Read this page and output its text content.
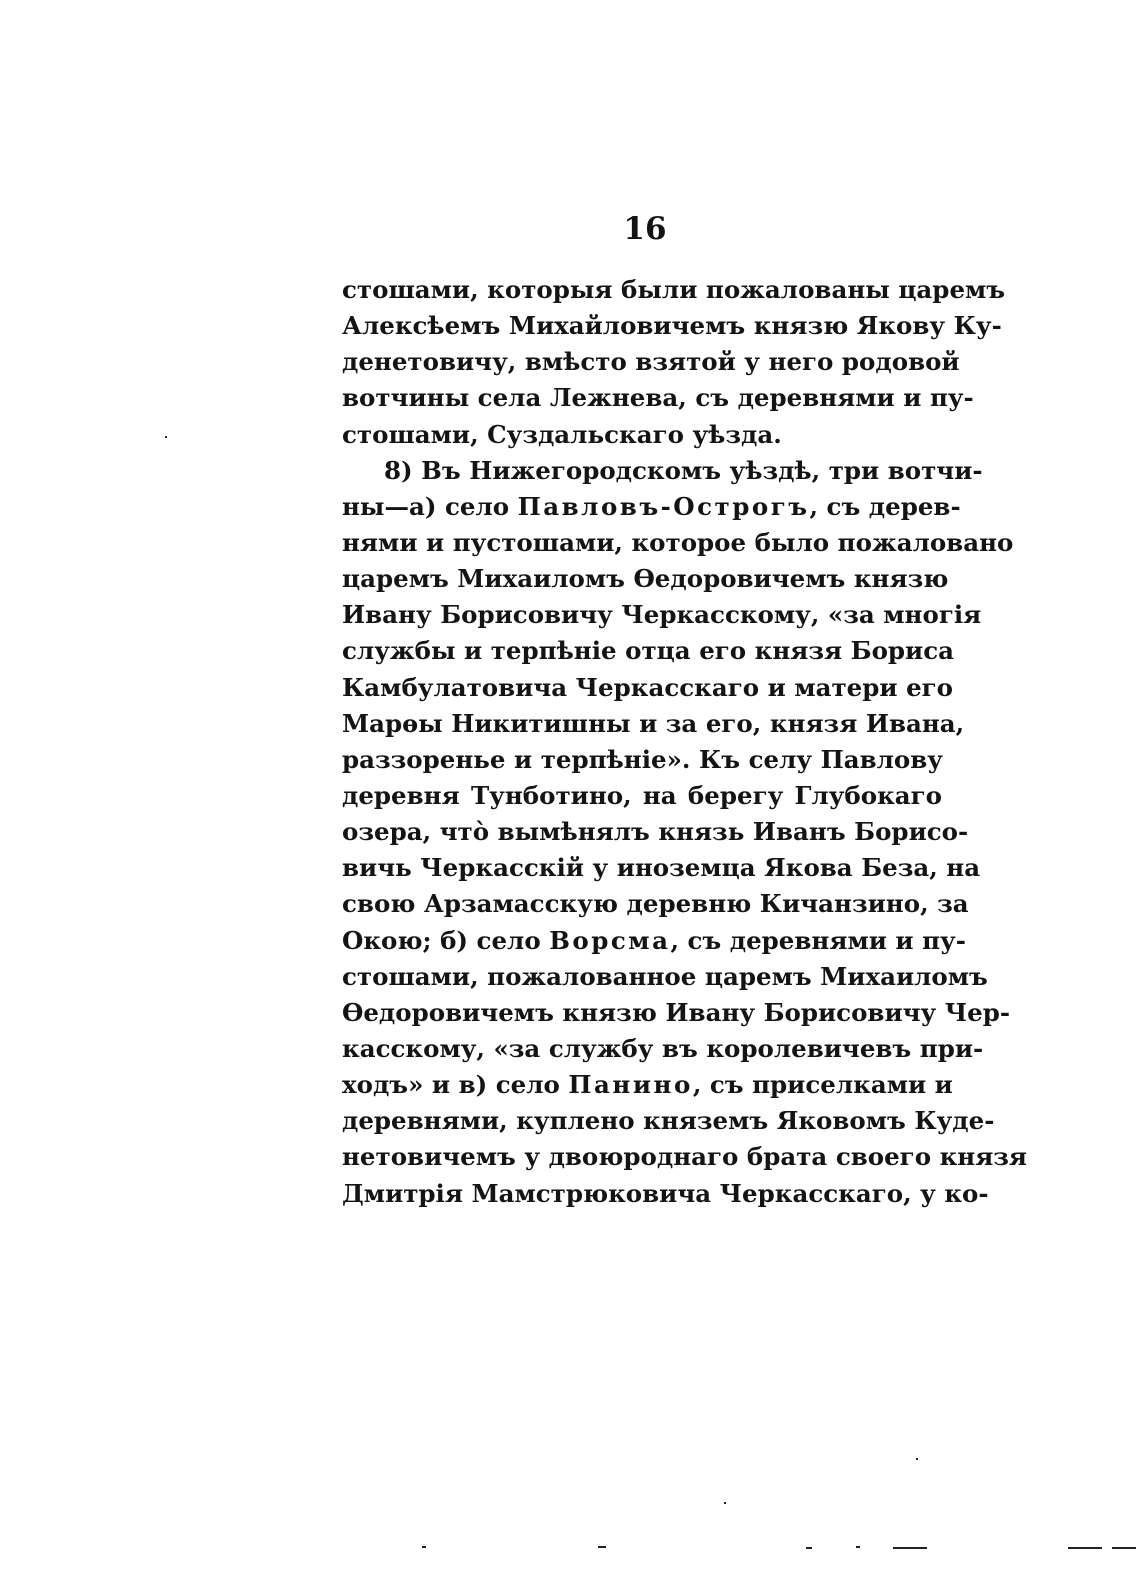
16
стошами, которыя были пожалованы царемъ
Алексѣемъ Михайловичемъ князю Якову Ку-
денетовичу, вмѣсто взятой у него родовой
вотчины села Лежнева, съ деревнями и пу-
стошами, Суздальскаго уѣзда.
8) Въ Нижегородскомъ уѣздѣ, три вотчи-
ны—а) село Павловъ-Острогъ, съ дерев-
нями и пустошами, которое было пожаловано
царемъ Михаиломъ Ѳедоровичемъ князю
Ивану Борисовичу Черкасскому, «за многія
службы и терпѣніе отца его князя Бориса
Камбулатовича Черкасскаго и матери его
Марѳы Никитишны и за его, князя Ивана,
раззоренье и терпѣніе». Къ селу Павлову
деревня Тунботино, на берегу Глубокаго
озера, что̀ вымѣнялъ князь Иванъ Борисо-
вичь Черкасскій у иноземца Якова Беза, на
свою Арзамасскую деревню Кичанзино, за
Окою; б) село Ворсма, съ деревнями и пу-
стошами, пожалованное царемъ Михаиломъ
Ѳедоровичемъ князю Ивану Борисовичу Чер-
касскому, «за службу въ королевичевъ при-
ходъ» и в) село Панино, съ приселками и
деревнями, куплено княземъ Яковомъ Куде-
нетовичемъ у двоюроднаго брата своего князя
Дмитрія Мамстрюковича Черкасскаго, у ко-
